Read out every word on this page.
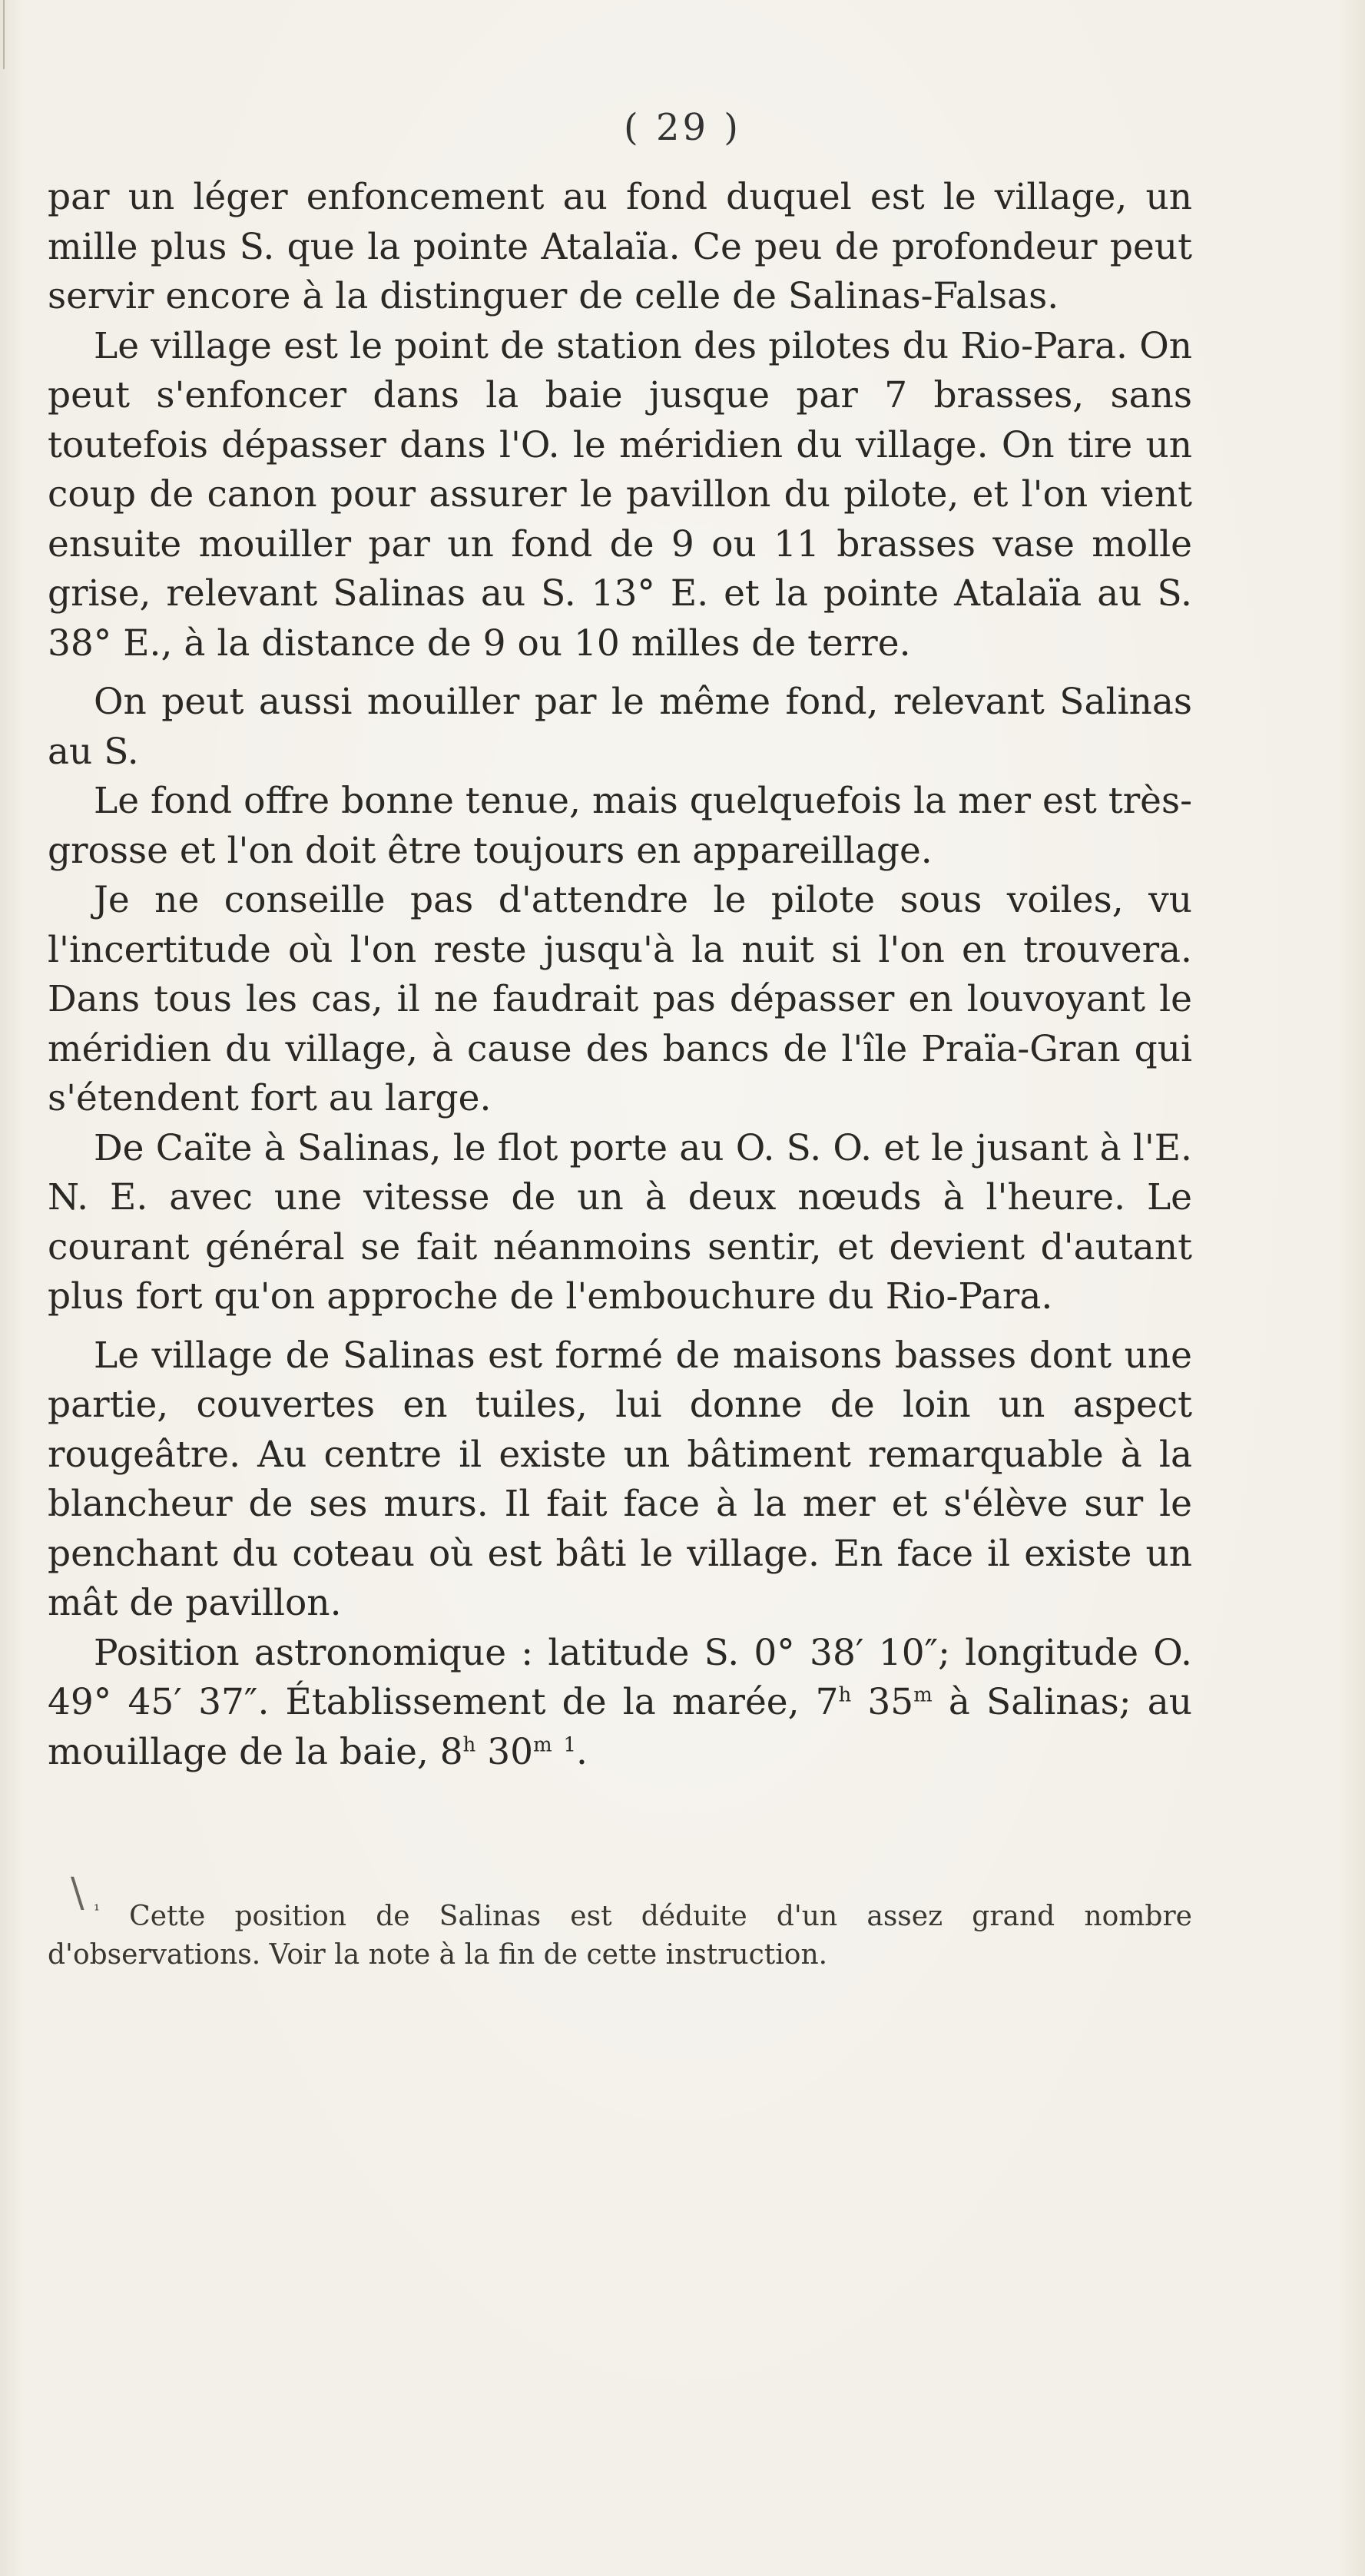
( 29 )

par un léger enfoncement au fond duquel est le village, un mille plus S. que la pointe Atalaïa. Ce peu de profondeur peut servir encore à la distinguer de celle de Salinas-Falsas.

Le village est le point de station des pilotes du Rio-Para. On peut s'enfoncer dans la baie jusque par 7 brasses, sans toutefois dépasser dans l'O. le méridien du village. On tire un coup de canon pour assurer le pavillon du pilote, et l'on vient ensuite mouiller par un fond de 9 ou 11 brasses vase molle grise, relevant Salinas au S. 13° E. et la pointe Atalaïa au S. 38° E., à la distance de 9 ou 10 milles de terre.

On peut aussi mouiller par le même fond, relevant Salinas au S.

Le fond offre bonne tenue, mais quelquefois la mer est très-grosse et l'on doit être toujours en appareillage.

Je ne conseille pas d'attendre le pilote sous voiles, vu l'incertitude où l'on reste jusqu'à la nuit si l'on en trouvera. Dans tous les cas, il ne faudrait pas dépasser en louvoyant le méridien du village, à cause des bancs de l'île Praïa-Gran qui s'étendent fort au large.

De Caïte à Salinas, le flot porte au O. S. O. et le jusant à l'E. N. E. avec une vitesse de un à deux nœuds à l'heure. Le courant général se fait néanmoins sentir, et devient d'autant plus fort qu'on approche de l'embouchure du Rio-Para.

Le village de Salinas est formé de maisons basses dont une partie, couvertes en tuiles, lui donne de loin un aspect rougeâtre. Au centre il existe un bâtiment remarquable à la blancheur de ses murs. Il fait face à la mer et s'élève sur le penchant du coteau où est bâti le village. En face il existe un mât de pavillon.

Position astronomique : latitude S. 0° 38′ 10″; longitude O. 49° 45′ 37″. Établissement de la marée, 7$^h$ 35$^m$ à Salinas; au mouillage de la baie, 8$^h$ 30$^m$ $^1$.

\ $^{^1}$ Cette position de Salinas est déduite d'un assez grand nombre d'observations. Voir la note à la fin de cette instruction.
